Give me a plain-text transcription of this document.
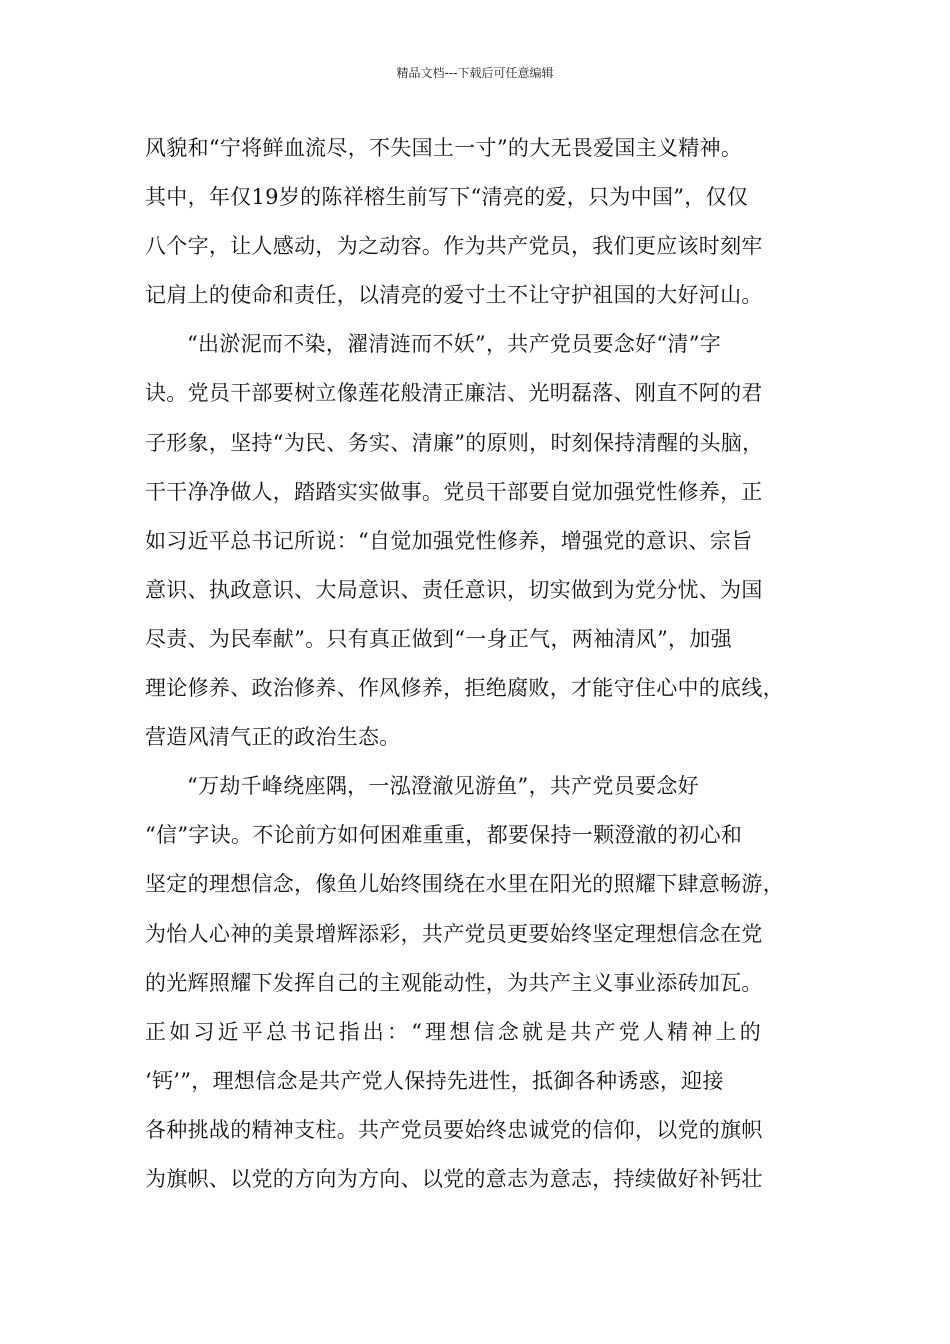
精品文档---下载后可任意编辑
风貌和“宁将鲜血流尽，不失国土一寸”的大无畏爱国主义精神。
其中，年仅19岁的陈祥榕生前写下“清亮的爱，只为中国”，仅仅
八个字，让人感动，为之动容。作为共产党员，我们更应该时刻牢
记肩上的使命和责任，以清亮的爱寸土不让守护祖国的大好河山。
“出淤泥而不染，濯清涟而不妖”，共产党员要念好“清”字
诀。党员干部要树立像莲花般清正廉洁、光明磊落、刚直不阿的君
子形象，坚持“为民、务实、清廉”的原则，时刻保持清醒的头脑，
干干净净做人，踏踏实实做事。党员干部要自觉加强党性修养，正
如习近平总书记所说：“自觉加强党性修养，增强党的意识、宗旨
意识、执政意识、大局意识、责任意识，切实做到为党分忧、为国
尽责、为民奉献”。只有真正做到“一身正气，两袖清风”，加强
理论修养、政治修养、作风修养，拒绝腐败，才能守住心中的底线，
营造风清气正的政治生态。
“万劫千峰绕座隅，一泓澄澈见游鱼”，共产党员要念好
“信”字诀。不论前方如何困难重重，都要保持一颗澄澈的初心和
坚定的理想信念，像鱼儿始终围绕在水里在阳光的照耀下肆意畅游，
为怡人心神的美景增辉添彩，共产党员更要始终坚定理想信念在党
的光辉照耀下发挥自己的主观能动性，为共产主义事业添砖加瓦。
正如习近平总书记指出：“理想信念就是共产党人精神上的
‘钙’”，理想信念是共产党人保持先进性，抵御各种诱惑，迎接
各种挑战的精神支柱。共产党员要始终忠诚党的信仰，以党的旗帜
为旗帜、以党的方向为方向、以党的意志为意志，持续做好补钙壮
